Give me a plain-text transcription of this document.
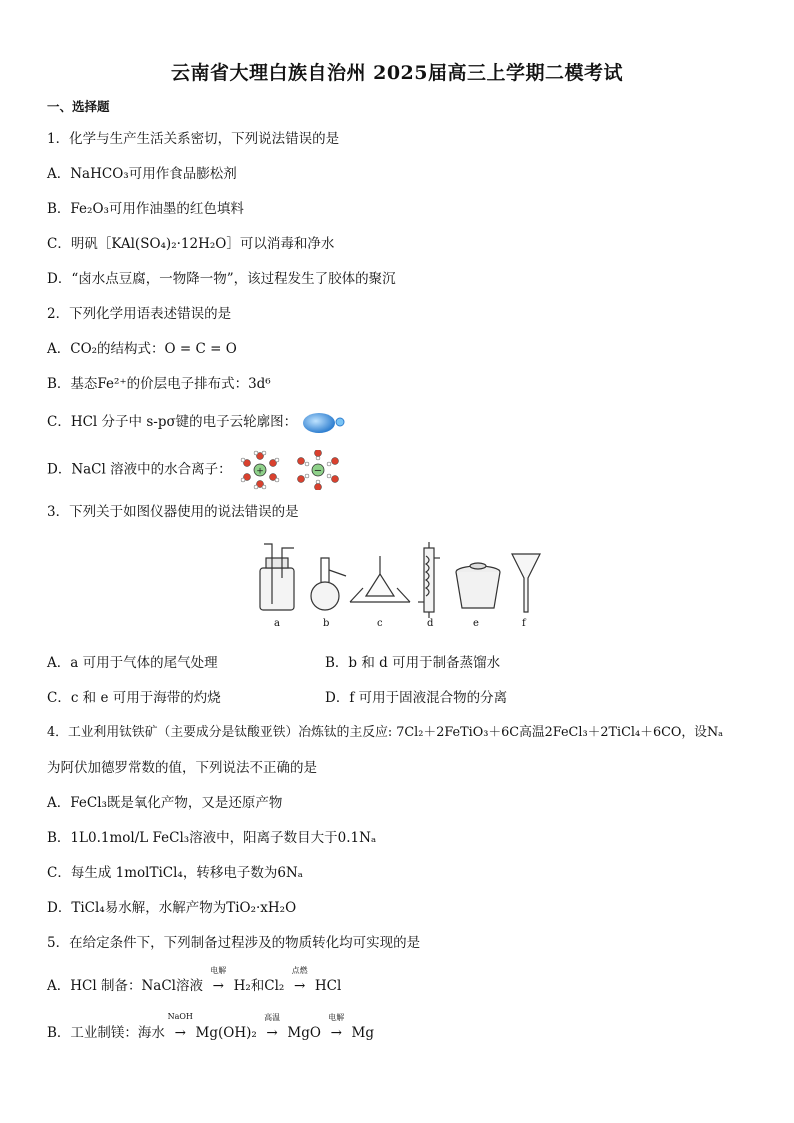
云南省大理白族自治州 2025届高三上学期二模考试
一、选择题
1．化学与生产生活关系密切，下列说法错误的是
A．NaHCO₃可用作食品膨松剂
B．Fe₂O₃可用作油墨的红色填料
C．明矾［KAl(SO₄)₂·12H₂O］可以消毒和净水
D．“卤水点豆腐，一物降一物”，该过程发生了胶体的聚沉
2．下列化学用语表述错误的是
A．CO₂的结构式：O = C = O
B．基态Fe²⁺的价层电子排布式：3d⁶
C．HCl 分子中 s-pσ键的电子云轮廓图：
D．NaCl 溶液中的水合离子：	+	−
3．下列关于如图仪器使用的说法错误的是
a	b	c	d	e	f
A．a 可用于气体的尾气处理	B．b 和 d 可用于制备蒸馏水
C．c 和 e 可用于海带的灼烧	D．f 可用于固液混合物的分离
4．工业利用钛铁矿（主要成分是钛酸亚铁）冶炼钛的主反应: 7Cl₂＋2FeTiO₃＋6C高温2FeCl₃＋2TiCl₄＋6CO，设Nₐ
为阿伏加德罗常数的值，下列说法不正确的是
A．FeCl₃既是氧化产物，又是还原产物
B．1L0.1mol/L FeCl₃溶液中，阳离子数目大于0.1Nₐ
C．每生成 1molTiCl₄，转移电子数为6Nₐ
D．TiCl₄易水解，水解产物为TiO₂·xH₂O
5．在给定条件下，下列制备过程涉及的物质转化均可实现的是
A．HCl 制备：NaCl溶液
电解
→ H₂和Cl₂
点燃
→ HCl
B．工业制镁：海水
NaOH
→ Mg(OH)₂
高温
→ MgO
电解
→ Mg
